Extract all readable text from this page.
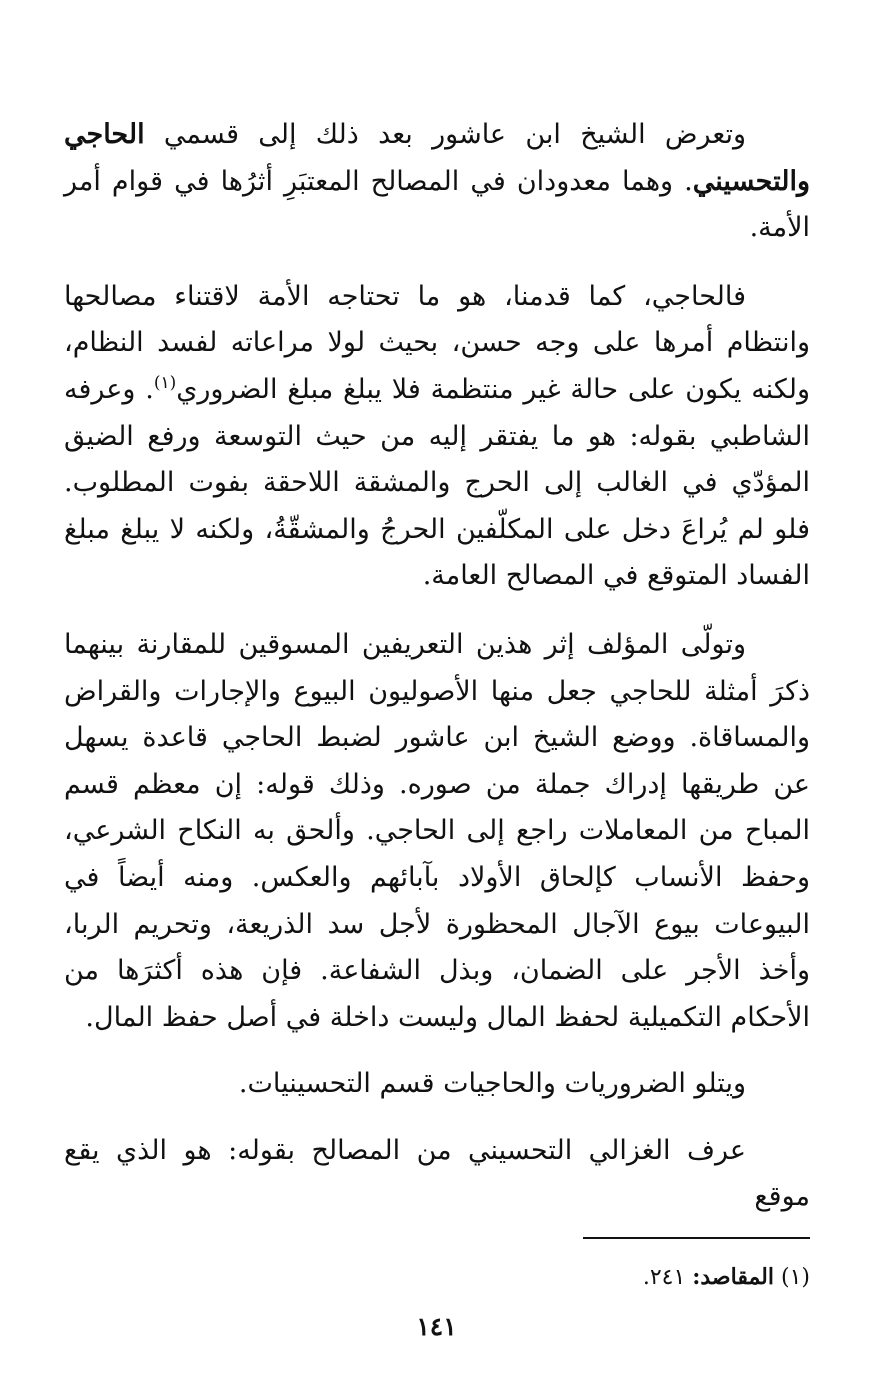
وتعرض الشيخ ابن عاشور بعد ذلك إلى قسمي الحاجي والتحسيني. وهما معدودان في المصالح المعتبَرِ أثرُها في قوام أمر الأمة.

فالحاجي، كما قدمنا، هو ما تحتاجه الأمة لاقتناء مصالحها وانتظام أمرها على وجه حسن، بحيث لولا مراعاته لفسد النظام، ولكنه يكون على حالة غير منتظمة فلا يبلغ مبلغ الضروري$^{(١)}$. وعرفه الشاطبي بقوله: هو ما يفتقر إليه من حيث التوسعة ورفع الضيق المؤدّي في الغالب إلى الحرج والمشقة اللاحقة بفوت المطلوب. فلو لم يُراعَ دخل على المكلّفين الحرجُ والمشقّةُ، ولكنه لا يبلغ مبلغ الفساد المتوقع في المصالح العامة.

وتولّى المؤلف إثر هذين التعريفين المسوقين للمقارنة بينهما ذكرَ أمثلة للحاجي جعل منها الأصوليون البيوع والإجارات والقراض والمساقاة. ووضع الشيخ ابن عاشور لضبط الحاجي قاعدة يسهل عن طريقها إدراك جملة من صوره. وذلك قوله: إن معظم قسم المباح من المعاملات راجع إلى الحاجي. وألحق به النكاح الشرعي، وحفظ الأنساب كإلحاق الأولاد بآبائهم والعكس. ومنه أيضاً في البيوعات بيوع الآجال المحظورة لأجل سد الذريعة، وتحريم الربا، وأخذ الأجر على الضمان، وبذل الشفاعة. فإن هذه أكثرَها من الأحكام التكميلية لحفظ المال وليست داخلة في أصل حفظ المال.

ويتلو الضروريات والحاجيات قسم التحسينيات.

عرف الغزالي التحسيني من المصالح بقوله: هو الذي يقع موقع

(١) المقاصد: ٢٤١.
١٤١
